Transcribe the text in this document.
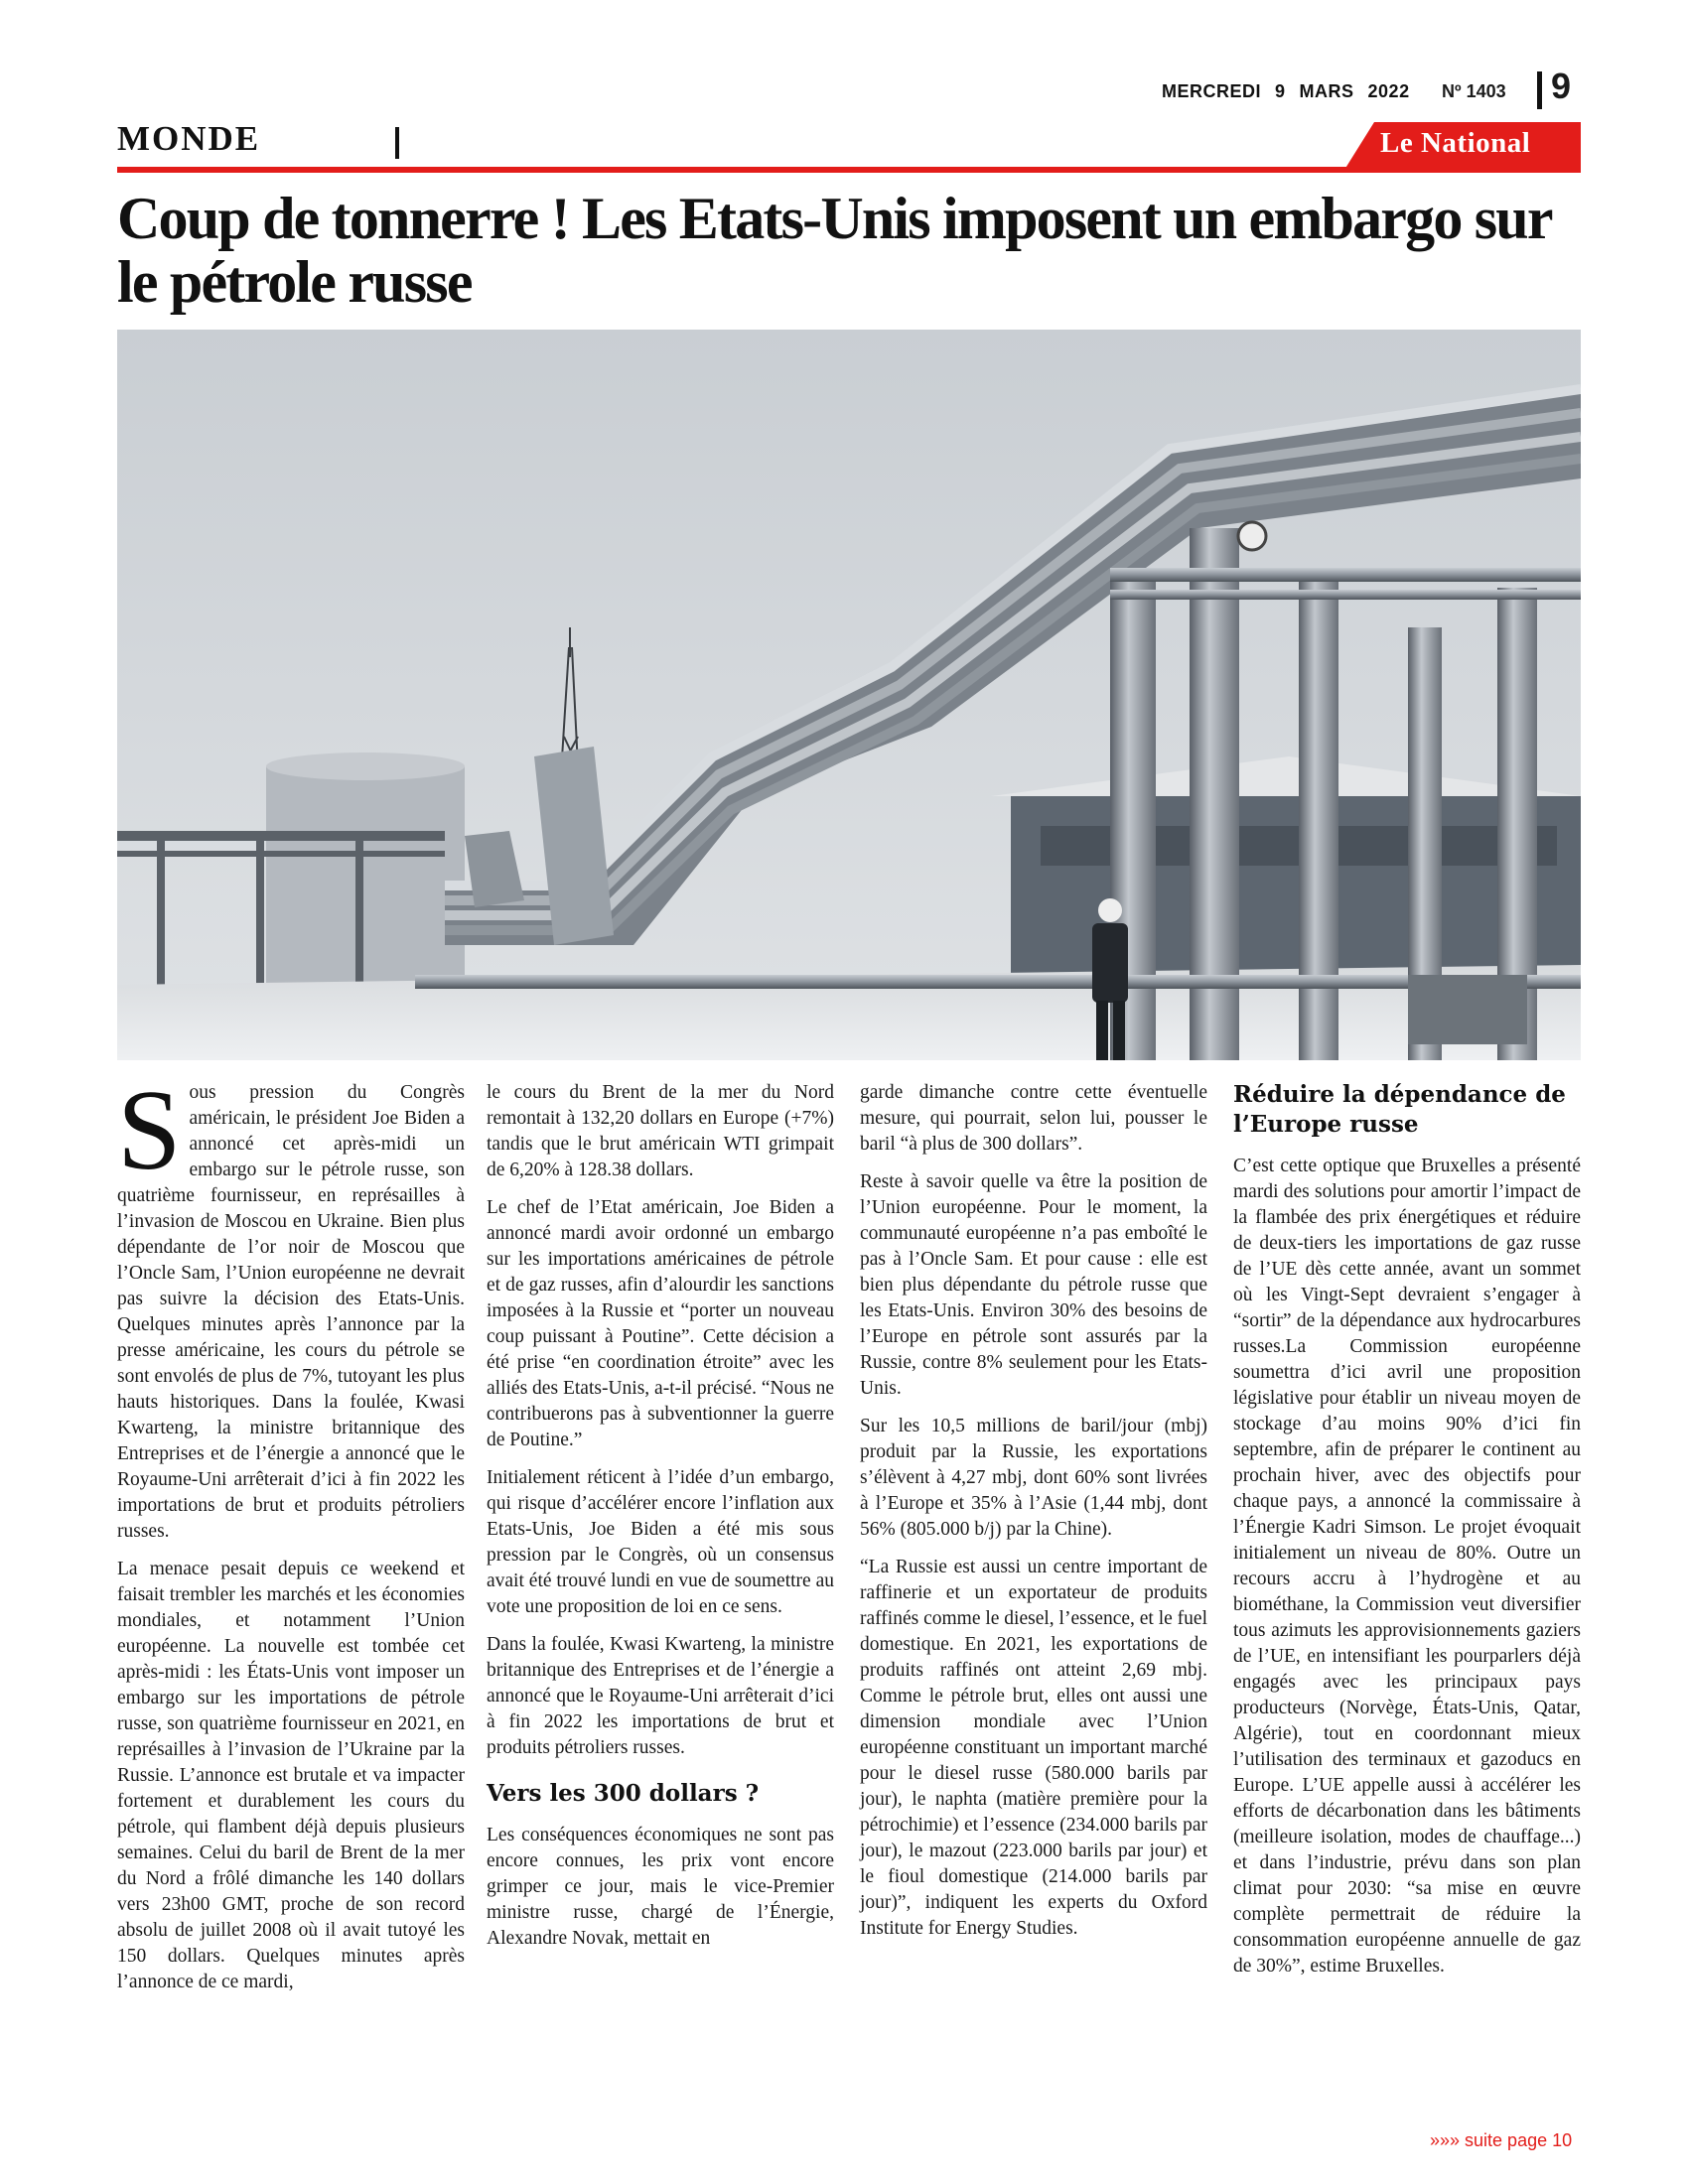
MERCREDI 9 MARS 2022	Nº 1403 9
MONDE	Le National
Coup de tonnerre ! Les Etats-Unis imposent un embargo sur le pétrole russe

Sous pression du Congrès américain, le président Joe Biden a annoncé cet après-midi un embargo sur le pétrole russe, son quatrième fournisseur, en représailles à l’invasion de Moscou en Ukraine. Bien plus dépendante de l’or noir de Moscou que l’Oncle Sam, l’Union européenne ne devrait pas suivre la décision des Etats-Unis. Quelques minutes après l’annonce par la presse américaine, les cours du pétrole se sont envolés de plus de 7%, tutoyant les plus hauts historiques. Dans la foulée, Kwasi Kwarteng, la ministre britannique des Entreprises et de l’énergie a annoncé que le Royaume-Uni arrêterait d’ici à fin 2022 les importations de brut et produits pétroliers russes.

La menace pesait depuis ce weekend et faisait trembler les marchés et les économies mondiales, et notamment l’Union européenne. La nouvelle est tombée cet après-midi : les États-Unis vont imposer un embargo sur les importations de pétrole russe, son quatrième fournisseur en 2021, en représailles à l’invasion de l’Ukraine par la Russie. L’annonce est brutale et va impacter fortement et durablement les cours du pétrole, qui flambent déjà depuis plusieurs semaines. Celui du baril de Brent de la mer du Nord a frôlé dimanche les 140 dollars vers 23h00 GMT, proche de son record absolu de juillet 2008 où il avait tutoyé les 150 dollars. Quelques minutes après l’annonce de ce mardi,

le cours du Brent de la mer du Nord remontait à 132,20 dollars en Europe (+7%) tandis que le brut américain WTI grimpait de 6,20% à 128.38 dollars.

Le chef de l’Etat américain, Joe Biden a annoncé mardi avoir ordonné un embargo sur les importations américaines de pétrole et de gaz russes, afin d’alourdir les sanctions imposées à la Russie et “porter un nouveau coup puissant à Poutine”. Cette décision a été prise “en coordination étroite” avec les alliés des Etats-Unis, a-t-il précisé. “Nous ne contribuerons pas à subventionner la guerre de Poutine.”

Initialement réticent à l’idée d’un embargo, qui risque d’accélérer encore l’inflation aux Etats-Unis, Joe Biden a été mis sous pression par le Congrès, où un consensus avait été trouvé lundi en vue de soumettre au vote une proposition de loi en ce sens.

Dans la foulée, Kwasi Kwarteng, la ministre britannique des Entreprises et de l’énergie a annoncé que le Royaume-Uni arrêterait d’ici à fin 2022 les importations de brut et produits pétroliers russes.

Vers les 300 dollars ?

Les conséquences économiques ne sont pas encore connues, les prix vont encore grimper ce jour, mais le vice-Premier ministre russe, chargé de l’Énergie, Alexandre Novak, mettait en

garde dimanche contre cette éventuelle mesure, qui pourrait, selon lui, pousser le baril “à plus de 300 dollars”.

Reste à savoir quelle va être la position de l’Union européenne. Pour le moment, la communauté européenne n’a pas emboîté le pas à l’Oncle Sam. Et pour cause : elle est bien plus dépendante du pétrole russe que les Etats-Unis. Environ 30% des besoins de l’Europe en pétrole sont assurés par la Russie, contre 8% seulement pour les Etats-Unis.

Sur les 10,5 millions de baril/jour (mbj) produit par la Russie, les exportations s’élèvent à 4,27 mbj, dont 60% sont livrées à l’Europe et 35% à l’Asie (1,44 mbj, dont 56% (805.000 b/j) par la Chine).

“La Russie est aussi un centre important de raffinerie et un exportateur de produits raffinés comme le diesel, l’essence, et le fuel domestique. En 2021, les exportations de produits raffinés ont atteint 2,69 mbj. Comme le pétrole brut, elles ont aussi une dimension mondiale avec l’Union européenne constituant un important marché pour le diesel russe (580.000 barils par jour), le naphta (matière première pour la pétrochimie) et l’essence (234.000 barils par jour), le mazout (223.000 barils par jour) et le fioul domestique (214.000 barils par jour)”, indiquent les experts du Oxford Institute for Energy Studies.

Réduire la dépendance de l’Europe russe

C’est cette optique que Bruxelles a présenté mardi des solutions pour amortir l’impact de la flambée des prix énergétiques et réduire de deux-tiers les importations de gaz russe de l’UE dès cette année, avant un sommet où les Vingt-Sept devraient s’engager à “sortir” de la dépendance aux hydrocarbures russes.La Commission européenne soumettra d’ici avril une proposition législative pour établir un niveau moyen de stockage d’au moins 90% d’ici fin septembre, afin de préparer le continent au prochain hiver, avec des objectifs pour chaque pays, a annoncé la commissaire à l’Énergie Kadri Simson. Le projet évoquait initialement un niveau de 80%. Outre un recours accru à l’hydrogène et au biométhane, la Commission veut diversifier tous azimuts les approvisionnements gaziers de l’UE, en intensifiant les pourparlers déjà engagés avec les principaux pays producteurs (Norvège, États-Unis, Qatar, Algérie), tout en coordonnant mieux l’utilisation des terminaux et gazoducs en Europe. L’UE appelle aussi à accélérer les efforts de décarbonation dans les bâtiments (meilleure isolation, modes de chauffage...) et dans l’industrie, prévu dans son plan climat pour 2030: “sa mise en œuvre complète permettrait de réduire la consommation européenne annuelle de gaz de 30%”, estime Bruxelles.

»»» suite page 10
